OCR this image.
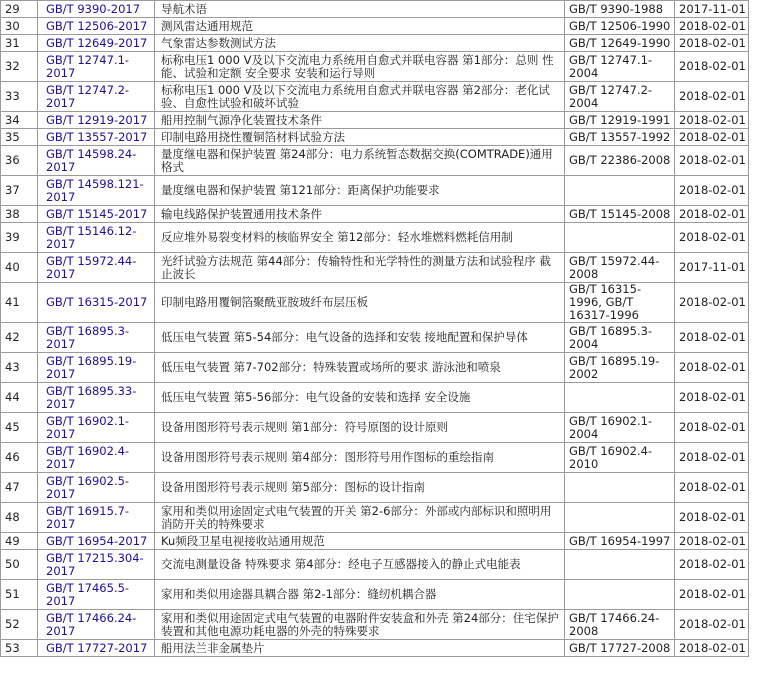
29	GB/T 9390-2017	导航术语	GB/T 9390-1988	2017-11-01
30	GB/T 12506-2017	测风雷达通用规范	GB/T 12506-1990	2018-02-01
31	GB/T 12649-2017	气象雷达参数测试方法	GB/T 12649-1990	2018-02-01
32	GB/T 12747.1-2017	标称电压1 000 V及以下交流电力系统用自愈式并联电容器 第1部分：总则 性能、试验和定额 安全要求 安装和运行导则	GB/T 12747.1-2004	2018-02-01
33	GB/T 12747.2-2017	标称电压1 000 V及以下交流电力系统用自愈式并联电容器 第2部分：老化试验、自愈性试验和破坏试验	GB/T 12747.2-2004	2018-02-01
34	GB/T 12919-2017	船用控制气源净化装置技术条件	GB/T 12919-1991	2018-02-01
35	GB/T 13557-2017	印制电路用挠性覆铜箔材料试验方法	GB/T 13557-1992	2018-02-01
36	GB/T 14598.24-2017	量度继电器和保护装置 第24部分：电力系统暂态数据交换(COMTRADE)通用格式	GB/T 22386-2008	2018-02-01
37	GB/T 14598.121-2017	量度继电器和保护装置 第121部分：距离保护功能要求		2018-02-01
38	GB/T 15145-2017	输电线路保护装置通用技术条件	GB/T 15145-2008	2018-02-01
39	GB/T 15146.12-2017	反应堆外易裂变材料的核临界安全 第12部分：轻水堆燃料燃耗信用制		2018-02-01
40	GB/T 15972.44-2017	光纤试验方法规范 第44部分：传输特性和光学特性的测量方法和试验程序 截止波长	GB/T 15972.44-2008	2017-11-01
41	GB/T 16315-2017	印制电路用覆铜箔聚酰亚胺玻纤布层压板	GB/T 16315-1996, GB/T 16317-1996	2018-02-01
42	GB/T 16895.3-2017	低压电气装置 第5-54部分：电气设备的选择和安装 接地配置和保护导体	GB/T 16895.3-2004	2018-02-01
43	GB/T 16895.19-2017	低压电气装置 第7-702部分：特殊装置或场所的要求 游泳池和喷泉	GB/T 16895.19-2002	2018-02-01
44	GB/T 16895.33-2017	低压电气装置 第5-56部分：电气设备的安装和选择 安全设施		2018-02-01
45	GB/T 16902.1-2017	设备用图形符号表示规则 第1部分：符号原图的设计原则	GB/T 16902.1-2004	2018-02-01
46	GB/T 16902.4-2017	设备用图形符号表示规则 第4部分：图形符号用作图标的重绘指南	GB/T 16902.4-2010	2018-02-01
47	GB/T 16902.5-2017	设备用图形符号表示规则 第5部分：图标的设计指南		2018-02-01
48	GB/T 16915.7-2017	家用和类似用途固定式电气装置的开关 第2-6部分：外部或内部标识和照明用消防开关的特殊要求		2018-02-01
49	GB/T 16954-2017	Ku频段卫星电视接收站通用规范	GB/T 16954-1997	2018-02-01
50	GB/T 17215.304-2017	交流电测量设备 特殊要求 第4部分：经电子互感器接入的静止式电能表		2018-02-01
51	GB/T 17465.5-2017	家用和类似用途器具耦合器 第2-1部分：缝纫机耦合器		2018-02-01
52	GB/T 17466.24-2017	家用和类似用途固定式电气装置的电器附件安装盒和外壳 第24部分：住宅保护装置和其他电源功耗电器的外壳的特殊要求	GB/T 17466.24-2008	2018-02-01
53	GB/T 17727-2017	船用法兰非金属垫片	GB/T 17727-2008	2018-02-01
